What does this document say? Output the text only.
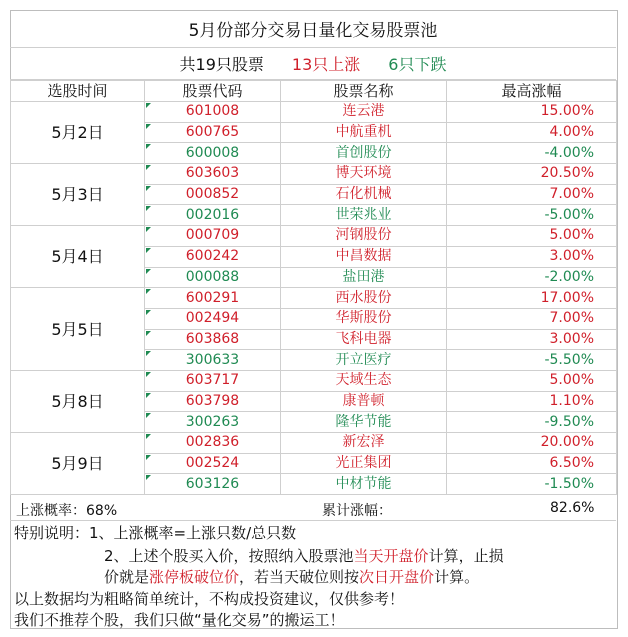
5月份部分交易日量化交易股票池
共19只股票 13只上涨 6只下跌
选股时间	股票代码	股票名称	最高涨幅
5月2日	601008	连云港	15.00%

600765	中航重机	4.00%

600008	首创股份	-4.00%
5月3日	603603	博天环境	20.50%

000852	石化机械	7.00%

002016	世荣兆业	-5.00%
5月4日	000709	河钢股份	5.00%

600242	中昌数据	3.00%

000088	盐田港	-2.00%
5月5日	600291	西水股份	17.00%

002494	华斯股份	7.00%

603868	飞科电器	3.00%

300633	开立医疗	-5.50%
5月8日	603717	天域生态	5.00%

603798	康普顿	1.10%

300263	隆华节能	-9.50%
5月9日	002836	新宏泽	20.00%

002524	光正集团	6.50%

603126	中材节能	-1.50%
上涨概率：68%	累计涨幅：	82.6%
特别说明：1、上涨概率=上涨只数/总只数
2、上述个股买入价，按照纳入股票池当天开盘价计算，止损
价就是涨停板破位价，若当天破位则按次日开盘价计算。
以上数据均为粗略简单统计，不构成投资建议，仅供参考！
我们不推荐个股，我们只做“量化交易”的搬运工！
